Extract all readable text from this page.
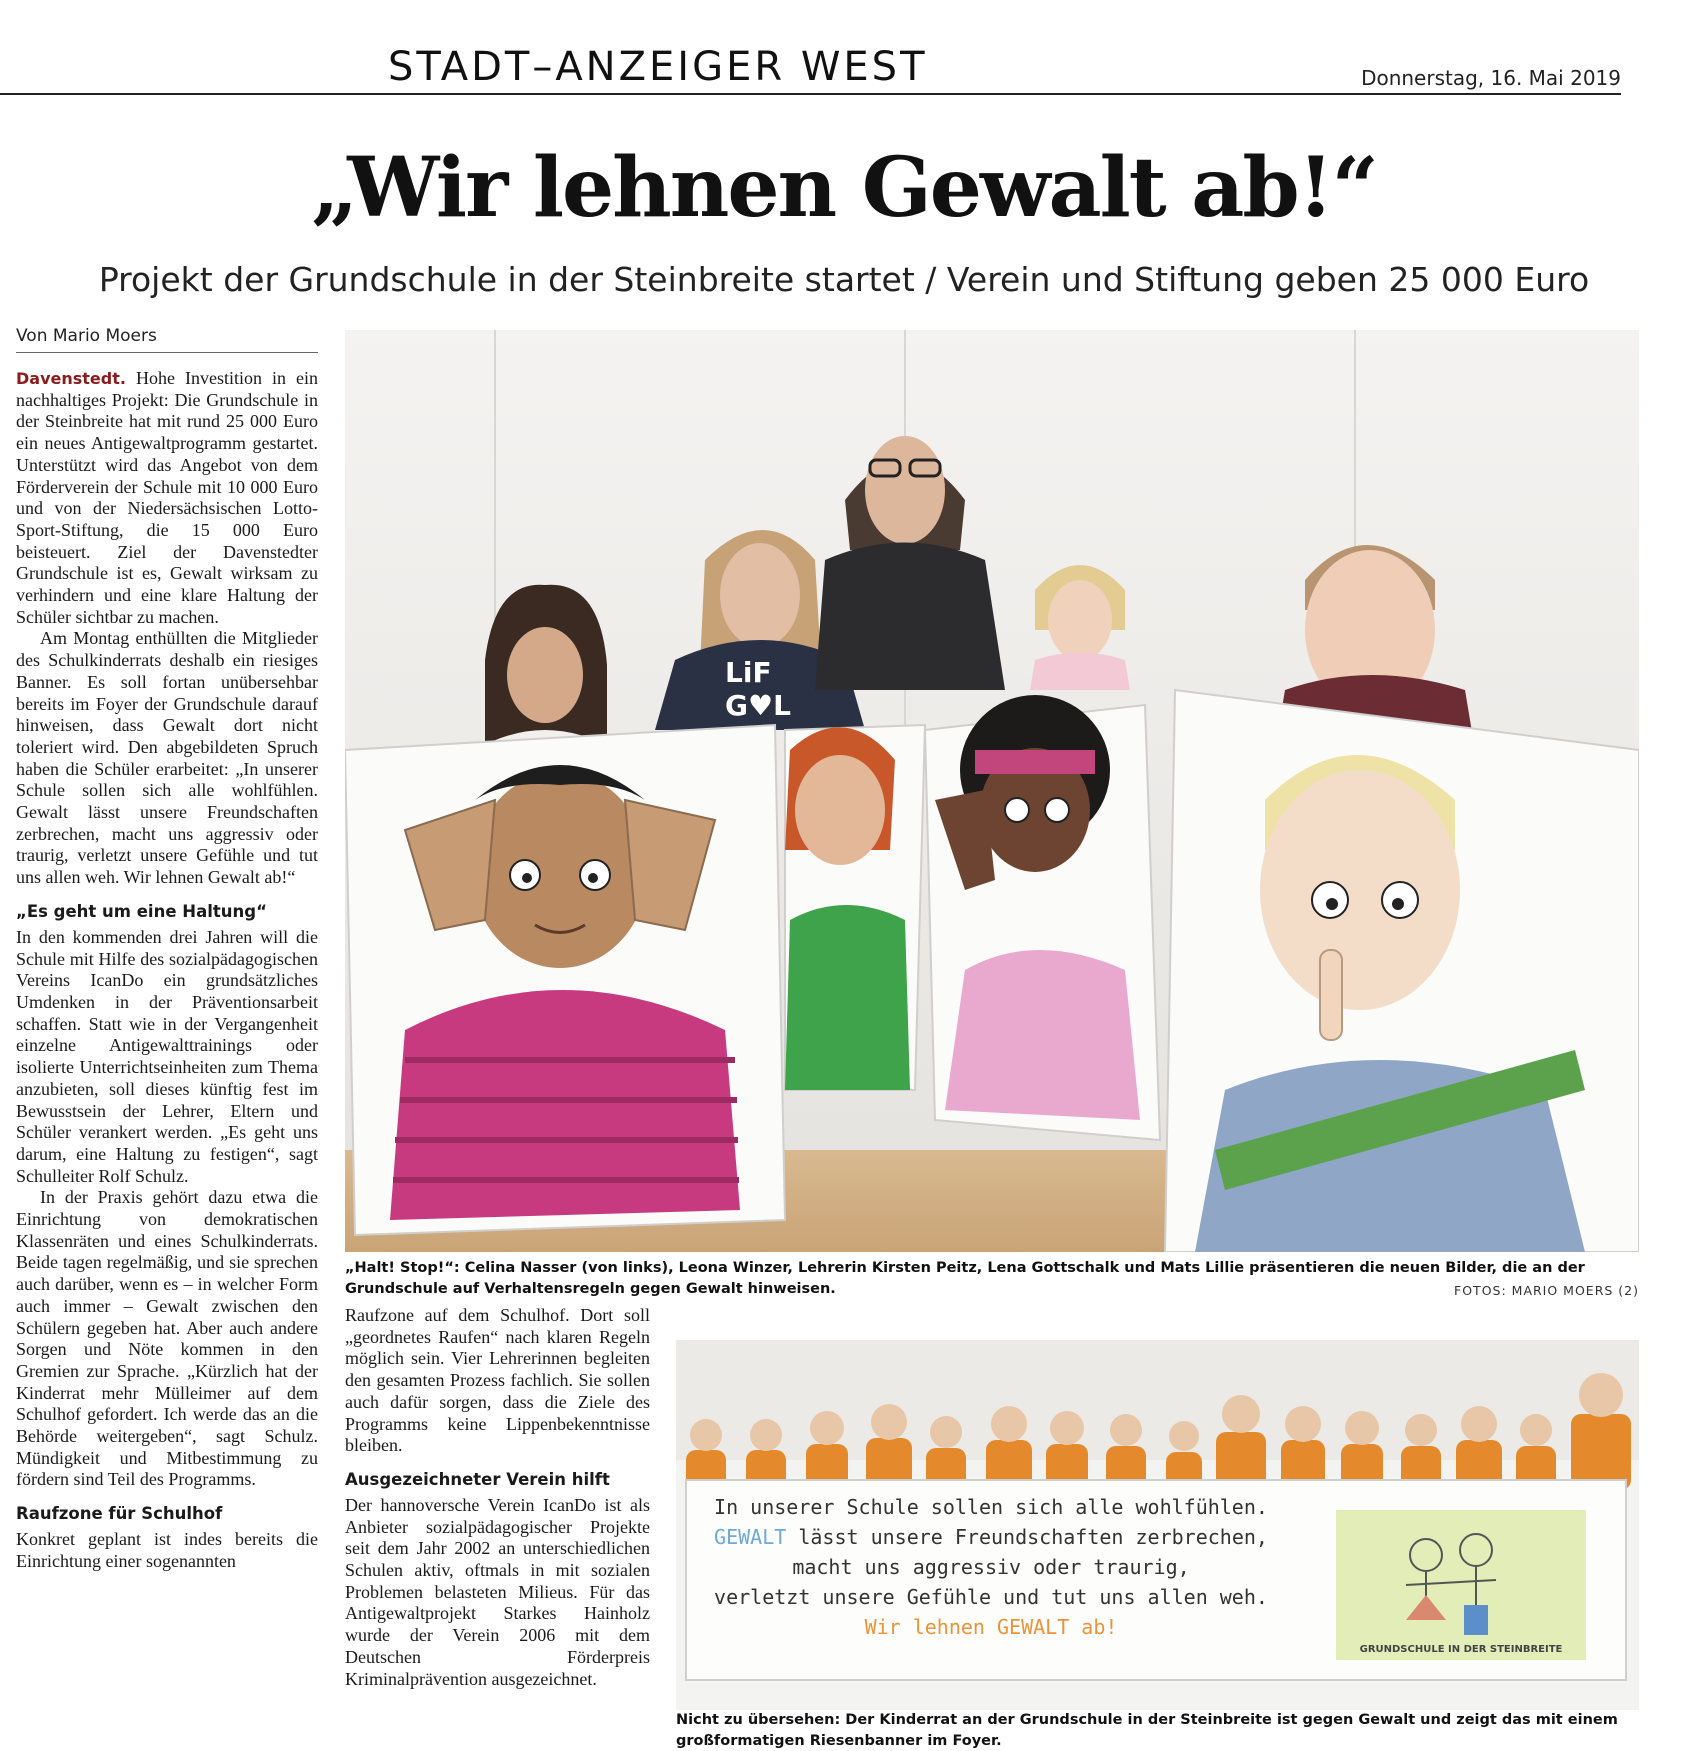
STADT–ANZEIGER WEST	Donnerstag, 16. Mai 2019
„Wir lehnen Gewalt ab!“
Projekt der Grundschule in der Steinbreite startet / Verein und Stiftung geben 25 000 Euro
Von Mario Moers

Davenstedt. Hohe Investition in ein nachhaltiges Projekt: Die Grundschule in der Steinbreite hat mit rund 25 000 Euro ein neues Antigewaltprogramm gestartet. Unterstützt wird das Angebot von dem Förderverein der Schule mit 10 000 Euro und von der Niedersächsischen Lotto-Sport-Stiftung, die 15 000 Euro beisteuert. Ziel der Davenstedter Grundschule ist es, Gewalt wirksam zu verhindern und eine klare Haltung der Schüler sichtbar zu machen.

Am Montag enthüllten die Mitglieder des Schulkinderrats deshalb ein riesiges Banner. Es soll fortan unübersehbar bereits im Foyer der Grundschule darauf hinweisen, dass Gewalt dort nicht toleriert wird. Den abgebildeten Spruch haben die Schüler erarbeitet: „In unserer Schule sollen sich alle wohlfühlen. Gewalt lässt unsere Freundschaften zerbrechen, macht uns aggressiv oder traurig, verletzt unsere Gefühle und tut uns allen weh. Wir lehnen Gewalt ab!“

„Es geht um eine Haltung“

In den kommenden drei Jahren will die Schule mit Hilfe des sozialpädagogischen Vereins IcanDo ein grundsätzliches Umdenken in der Präventionsarbeit schaffen. Statt wie in der Vergangenheit einzelne Antigewalttrainings oder isolierte Unterrichtseinheiten zum Thema anzubieten, soll dieses künftig fest im Bewusstsein der Lehrer, Eltern und Schüler verankert werden. „Es geht uns darum, eine Haltung zu festigen“, sagt Schulleiter Rolf Schulz.

In der Praxis gehört dazu etwa die Einrichtung von demokratischen Klassenräten und eines Schulkinderrats. Beide tagen regelmäßig, und sie sprechen auch darüber, wenn es – in welcher Form auch immer – Gewalt zwischen den Schülern gegeben hat. Aber auch andere Sorgen und Nöte kommen in den Gremien zur Sprache. „Kürzlich hat der Kinderrat mehr Mülleimer auf dem Schulhof gefordert. Ich werde das an die Behörde weitergeben“, sagt Schulz. Mündigkeit und Mitbestimmung zu fördern sind Teil des Programms.

Raufzone für Schulhof

Konkret geplant ist indes bereits die Einrichtung einer sogenannten

Raufzone auf dem Schulhof. Dort soll „geordnetes Raufen“ nach klaren Regeln möglich sein. Vier Lehrerinnen begleiten den gesamten Prozess fachlich. Sie sollen auch dafür sorgen, dass die Ziele des Programms keine Lippenbekenntnisse bleiben.

Ausgezeichneter Verein hilft

Der hannoversche Verein IcanDo ist als Anbieter sozialpädagogischer Projekte seit dem Jahr 2002 an unterschiedlichen Schulen aktiv, oftmals in mit sozialen Problemen belasteten Milieus. Für das Antigewaltprojekt Starkes Hainholz wurde der Verein 2006 mit dem Deutschen Förderpreis Kriminalprävention ausgezeichnet.

LiF
G♥L
„Halt! Stop!“: Celina Nasser (von links), Leona Winzer, Lehrerin Kirsten Peitz, Lena Gottschalk und Mats Lillie präsentieren die neuen Bilder, die an der Grundschule auf Verhaltensregeln gegen Gewalt hinweisen.	FOTOS: MARIO MOERS (2)
GRUNDSCHULE IN DER STEINBREITE
In unserer Schule sollen sich alle wohlfühlen.
GEWALT lässt unsere Freundschaften zerbrechen,
macht uns aggressiv oder traurig,
verletzt unsere Gefühle und tut uns allen weh.
Wir lehnen GEWALT ab!
Nicht zu übersehen: Der Kinderrat an der Grundschule in der Steinbreite ist gegen Gewalt und zeigt das mit einem großformatigen Riesenbanner im Foyer.
